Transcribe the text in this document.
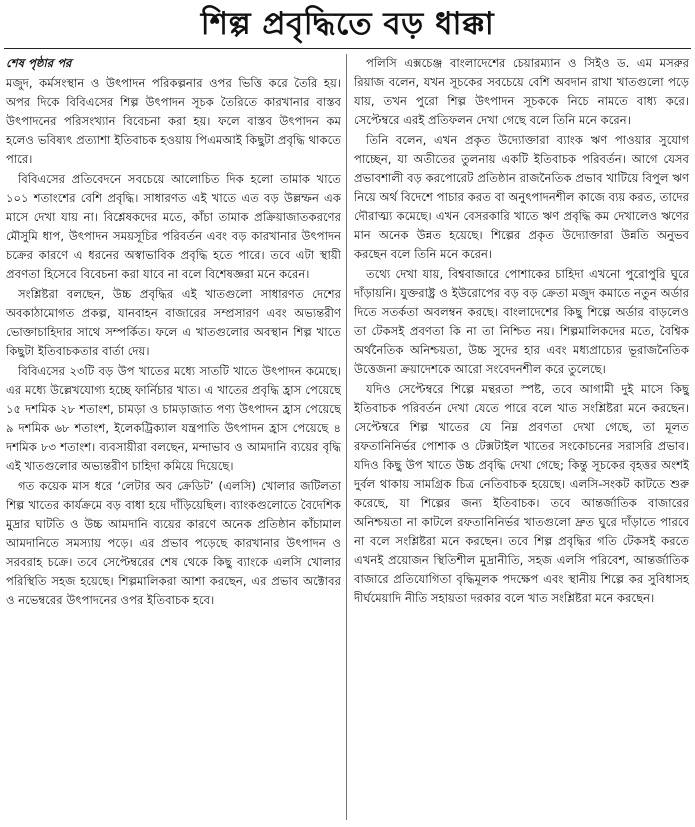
শিল্প প্রবৃদ্ধিতে বড় ধাক্কা
শেষ পৃষ্ঠার পর

মজুদ, কর্মসংস্থান ও উৎপাদন পরিকল্পনার ওপর ভিত্তি করে তৈরি হয়। অপর দিকে বিবিএসের শিল্প উৎপাদন সূচক তৈরিতে কারখানার বাস্তব উৎপাদনের পরিসংখ্যান বিবেচনা করা হয়। ফলে বাস্তব উৎপাদন কম হলেও ভবিষ্যৎ প্রত্যাশা ইতিবাচক হওয়ায় পিএমআই কিছুটা প্রবৃদ্ধি থাকতে পারে।

বিবিএসের প্রতিবেদনে সবচেয়ে আলোচিত দিক হলো তামাক খাতে ১০১ শতাংশের বেশি প্রবৃদ্ধি। সাধারণত এই খাতে এত বড় উল্লম্ফন এক মাসে দেখা যায় না। বিশ্লেষকদের মতে, কাঁচা তামাক প্রক্রিয়াজাতকরণের মৌসুমি ধাপ, উৎপাদন সময়সূচির পরিবর্তন এবং বড় কারখানার উৎপাদন চক্রের কারণে এ ধরনের অস্বাভাবিক প্রবৃদ্ধি হতে পারে। তবে এটা স্থায়ী প্রবণতা হিসেবে বিবেচনা করা যাবে না বলে বিশেষজ্ঞরা মনে করেন।

সংশ্লিষ্টরা বলছেন, উচ্চ প্রবৃদ্ধির এই খাতগুলো সাধারণত দেশের অবকাঠামোগত প্রকল্প, যানবাহন বাজারের সম্প্রসারণ এবং অভ্যন্তরীণ ভোক্তাচাহিদার সাথে সম্পর্কিত। ফলে এ খাতগুলোর অবস্থান শিল্প খাতে কিছুটা ইতিবাচকতার বার্তা দেয়।

বিবিএসের ২৩টি বড় উপ খাতের মধ্যে সাতটি খাতে উৎপাদন কমেছে। এর মধ্যে উল্লেখযোগ্য হচ্ছে ফার্নিচার খাত। এ খাতের প্রবৃদ্ধি হ্রাস পেয়েছে ১৫ দশমিক ২৮ শতাংশ, চামড়া ও চামড়াজাত পণ্য উৎপাদন হ্রাস পেয়েছে ৯ দশমিক ৬৮ শতাংশ, ইলেকট্রিক্যাল যন্ত্রপাতি উৎপাদন হ্রাস পেয়েছে ৪ দশমিক ৮৩ শতাংশ। ব্যবসায়ীরা বলছেন, মন্দাভাব ও আমদানি ব্যয়ের বৃদ্ধি এই খাতগুলোর অভ্যন্তরীণ চাহিদা কমিয়ে দিয়েছে।

গত কয়েক মাস ধরে ‘লেটার অব ক্রেডিট’ (এলসি) খোলার জটিলতা শিল্প খাতের কার্যক্রমে বড় বাধা হয়ে দাঁড়িয়েছিল। ব্যাংকগুলোতে বৈদেশিক মুদ্রার ঘাটতি ও উচ্চ আমদানি ব্যয়ের কারণে অনেক প্রতিষ্ঠান কাঁচামাল আমদানিতে সমস্যায় পড়ে। এর প্রভাব পড়েছে কারখানার উৎপাদন ও সরবরাহ চক্রে। তবে সেপ্টেম্বরের শেষ থেকে কিছু ব্যাংকে এলসি খোলার পরিস্থিতি সহজ হয়েছে। শিল্পমালিকরা আশা করছেন, এর প্রভাব অক্টোবর ও নভেম্বরের উৎপাদনের ওপর ইতিবাচক হবে।

পলিসি এক্সচেঞ্জ বাংলাদেশের চেয়ারম্যান ও সিইও ড. এম মসরুর রিয়াজ বলেন, যখন সূচকের সবচেয়ে বেশি অবদান রাখা খাতগুলো পড়ে যায়, তখন পুরো শিল্প উৎপাদন সূচককে নিচে নামতে বাধ্য করে। সেপ্টেম্বরে এরই প্রতিফলন দেখা গেছে বলে তিনি মনে করেন।

তিনি বলেন, এখন প্রকৃত উদ্যোক্তারা ব্যাংক ঋণ পাওয়ার সুযোগ পাচ্ছেন, যা অতীতের তুলনায় একটি ইতিবাচক পরিবর্তন। আগে যেসব প্রভাবশালী বড় করপোরেট প্রতিষ্ঠান রাজনৈতিক প্রভাব খাটিয়ে বিপুল ঋণ নিয়ে অর্থ বিদেশে পাচার করত বা অনুৎপাদনশীল কাজে ব্যয় করত, তাদের দৌরাত্ম্য কমেছে। এখন বেসরকারি খাতে ঋণ প্রবৃদ্ধি কম দেখালেও ঋণের মান অনেক উন্নত হয়েছে। শিল্পের প্রকৃত উদ্যোক্তারা উন্নতি অনুভব করছেন বলে তিনি মনে করেন।

তথ্যে দেখা যায়, বিশ্ববাজারে পোশাকের চাহিদা এখনো পুরোপুরি ঘুরে দাঁড়ায়নি। যুক্তরাষ্ট্র ও ইউরোপের বড় বড় ক্রেতা মজুদ কমাতে নতুন অর্ডার দিতে সতর্কতা অবলম্বন করছে। বাংলাদেশের কিছু শিল্পে অর্ডার বাড়লেও তা টেকসই প্রবণতা কি না তা নিশ্চিত নয়। শিল্পমালিকদের মতে, বৈশ্বিক অর্থনৈতিক অনিশ্চয়তা, উচ্চ সুদের হার এবং মধ্যপ্রাচ্যের ভূরাজনৈতিক উত্তেজনা ক্রয়াদেশকে আরো সংবেদনশীল করে তুলেছে।

যদিও সেপ্টেম্বরে শিল্পে মন্থরতা স্পষ্ট, তবে আগামী দুই মাসে কিছু ইতিবাচক পরিবর্তন দেখা যেতে পারে বলে খাত সংশ্লিষ্টরা মনে করছেন। সেপ্টেম্বরে শিল্প খাতের যে নিম্ন প্রবণতা দেখা গেছে, তা মূলত রফতানিনির্ভর পোশাক ও টেক্সটাইল খাতের সংকোচনের সরাসরি প্রভাব। যদিও কিছু উপ খাতে উচ্চ প্রবৃদ্ধি দেখা গেছে; কিন্তু সূচকের বৃহত্তর অংশই দুর্বল থাকায় সামগ্রিক চিত্র নেতিবাচক হয়েছে। এলসি-সংকট কাটতে শুরু করেছে, যা শিল্পের জন্য ইতিবাচক। তবে আন্তর্জাতিক বাজারের অনিশ্চয়তা না কাটলে রফতানিনির্ভর খাতগুলো দ্রুত ঘুরে দাঁড়াতে পারবে না বলে সংশ্লিষ্টরা মনে করছেন। তবে শিল্প প্রবৃদ্ধির গতি টেকসই করতে এখনই প্রয়োজন স্থিতিশীল মুদ্রানীতি, সহজ এলসি পরিবেশ, আন্তর্জাতিক বাজারে প্রতিযোগিতা বৃদ্ধিমূলক পদক্ষেপ এবং স্থানীয় শিল্পে কর সুবিধাসহ দীর্ঘমেয়াদি নীতি সহায়তা দরকার বলে খাত সংশ্লিষ্টরা মনে করছেন।
